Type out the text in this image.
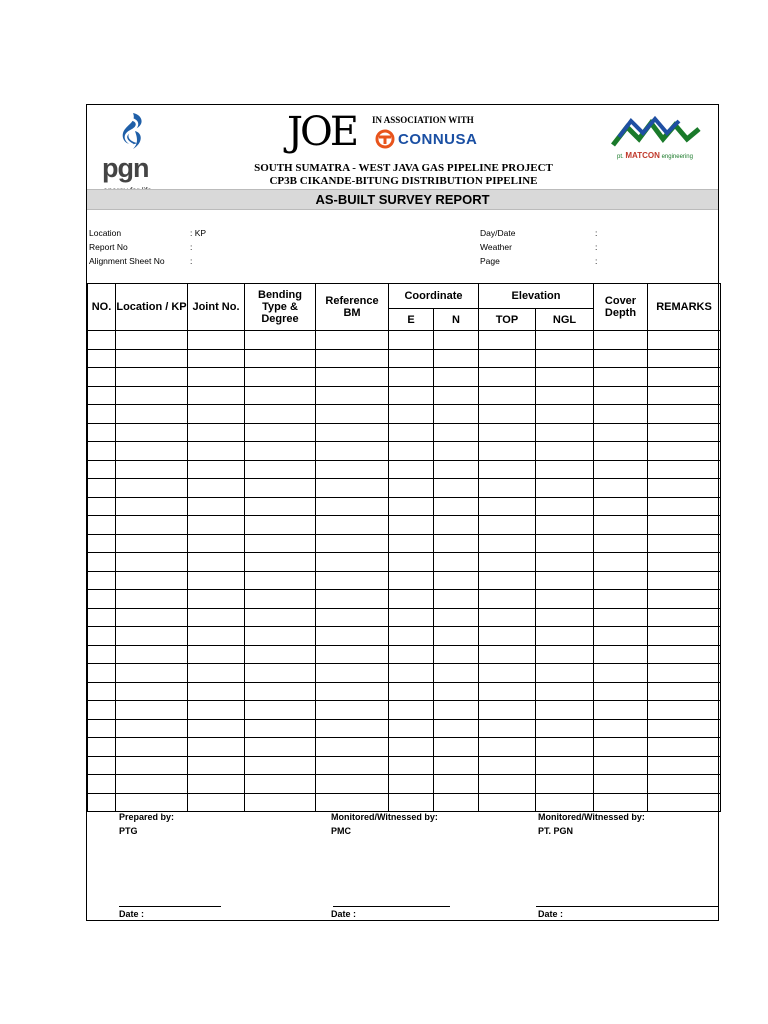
pgn
JOE IN ASSOCIATION WITH
CONNUSA
pt. MATCON engineering
SOUTH SUMATRA - WEST JAVA GAS PIPELINE PROJECT
CP3B CIKANDE-BITUNG DISTRIBUTION PIPELINE
AS-BUILT SURVEY REPORT
Location	: KP
Report No	:
Alignment Sheet No	:
Day/Date	:
Weather	:
Page	:
NO.	Location / KP	Joint No.	Bending Type & Degree	Reference BM	Coordinate		Elevation		Cover Depth	REMARKS
					E	N	TOP	NGL		

Prepared by:
PTG
Date :
Monitored/Witnessed by:
PMC
Date :
Monitored/Witnessed by:
PT. PGN
Date :
